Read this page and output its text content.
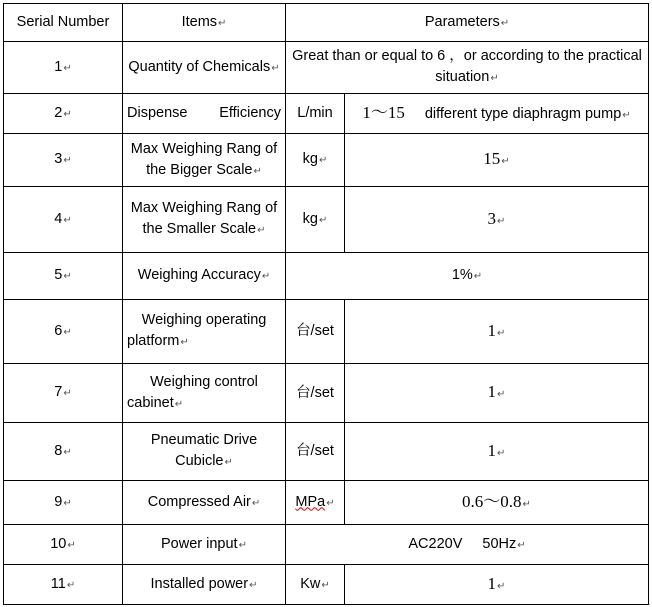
Serial Number	Items↵	Parameters↵	
1↵	Quantity of Chemicals↵	Great than or equal to 6 ，or according to the practical situation↵	
2↵	Dispense Efficiency	L/min	1～15 different type diaphragm pump↵
3↵	Max Weighing Rang of the Bigger Scale↵	kg↵	15↵
4↵	Max Weighing Rang of the Smaller Scale↵	kg↵	3↵
5↵	Weighing Accuracy↵	1%↵	
6↵	Weighing operating platform↵	台/set	1↵
7↵	Weighing control cabinet↵	台/set	1↵
8↵	Pneumatic Drive Cubicle↵	台/set	1↵
9↵	Compressed Air↵	MPa↵	0.6～0.8↵
10↵	Power input↵	AC220V 50Hz↵	
11↵	Installed power↵	Kw↵	1↵
.
